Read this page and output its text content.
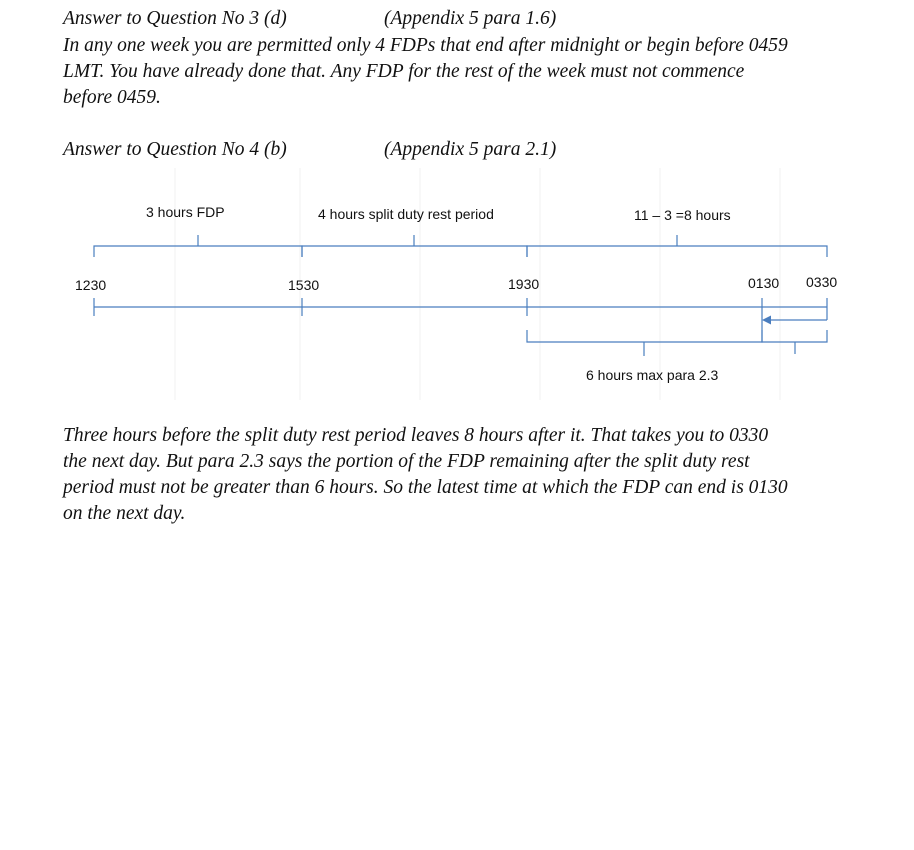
Answer to Question No 3 (d)	(Appendix 5 para 1.6)
In any one week you are permitted only 4 FDPs that end after midnight or begin before 0459
LMT. You have already done that. Any FDP for the rest of the week must not commence
before 0459.
Answer to Question No 4 (b)	(Appendix 5 para 2.1)
3 hours FDP	4 hours split duty rest period	11 – 3 =8 hours
1230	1530	1930	0130 0330
6 hours max para 2.3
Three hours before the split duty rest period leaves 8 hours after it. That takes you to 0330
the next day. But para 2.3 says the portion of the FDP remaining after the split duty rest
period must not be greater than 6 hours. So the latest time at which the FDP can end is 0130
on the next day.
